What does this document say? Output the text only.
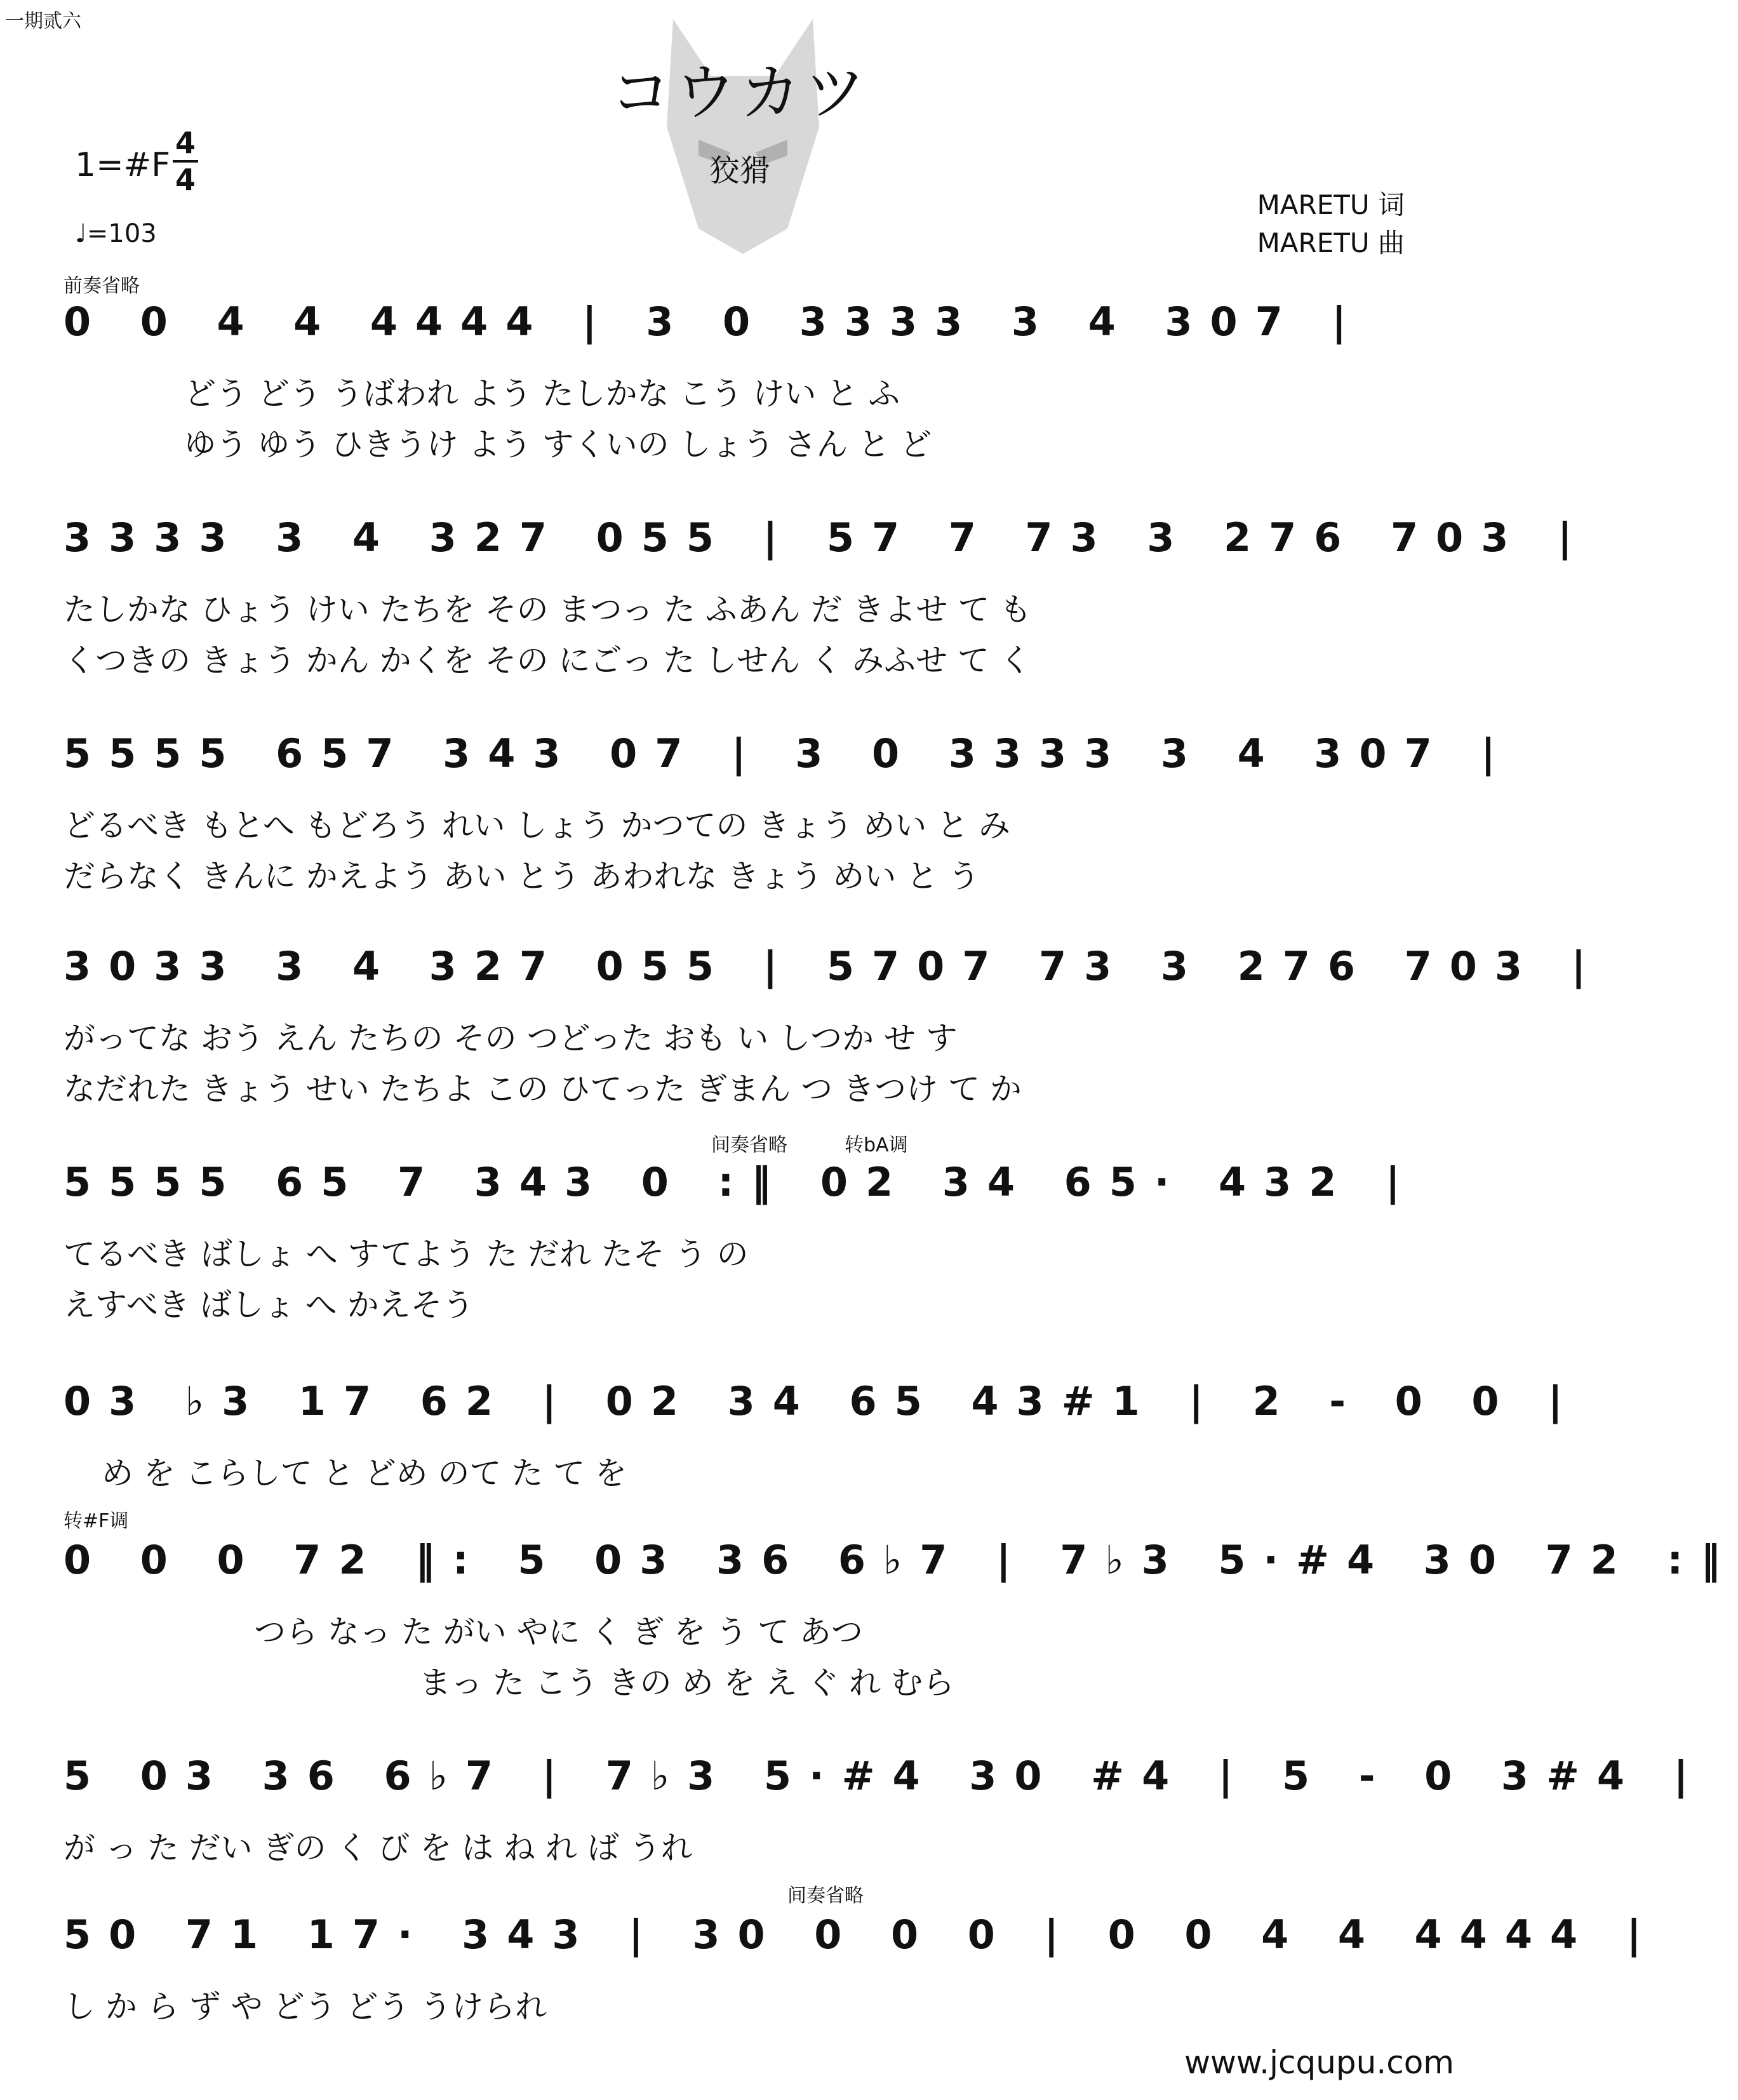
一期贰六
コウカツ
狡猾
1=#F
4
4
♩=103
MARETU 词
MARETU 曲
前奏省略
间奏省略	转bA调
转#F调
间奏省略
0 0 4 4 4444 | 3 0 3333 3 4 307 |
どう どう うばわれ よう たしかな こう けい と ふ
ゆう ゆう ひきうけ よう すくいの しょう さん と ど
3333 3 4 327 055 | 57 7 73 3 276 703 |
たしかな ひょう けい たちを その まつっ た ふあん だ きよせ て も
くつきの きょう かん かくを その にごっ た しせん く みふせ て く
5555 657 343 07 | 3 0 3333 3 4 307 |
どるべき もとへ もどろう れい しょう かつての きょう めい と み
だらなく きんに かえよう あい とう あわれな きょう めい と う
3033 3 4 327 055 | 5707 73 3 276 703 |
がってな おう えん たちの その つどった おも い しつか せ す
なだれた きょう せい たちよ この ひてった ぎまん つ きつけ て か
5555 65 7 343 0 :‖ 02 34 65· 432 |
てるべき ばしょ へ すてよう た だれ たそ う の
えすべき ばしょ へ かえそう
03 ♭3 17 62 | 02 34 65 43#1 | 2 - 0 0 |
め を こらして と どめ のて た て を
0 0 0 72 ‖: 5 03 36 6♭7 | 7♭3 5·#4 30 72 :‖
つら なっ た がい やに く ぎ を う て あつ
まっ た こう きの め を え ぐ れ むら
5 03 36 6♭7 | 7♭3 5·#4 30 #4 | 5 - 0 3#4 |
が っ た だい ぎの く び を は ね れ ば うれ
50 71 17· 343 | 30 0 0 0 | 0 0 4 4 4444 |
し か ら ず や どう どう うけられ
www.jcqupu.com
